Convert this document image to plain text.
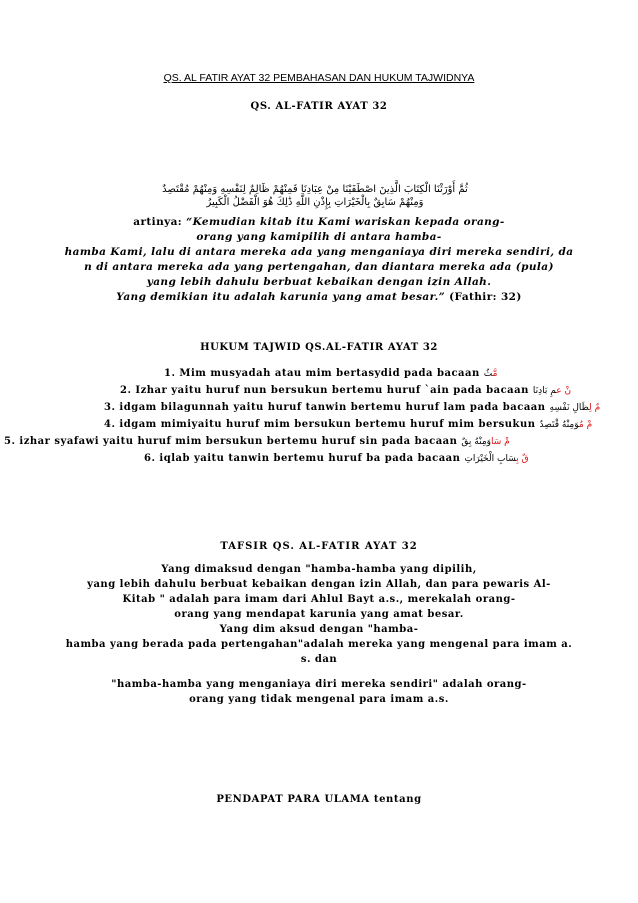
QS. AL FATIR AYAT 32 PEMBAHASAN DAN HUKUM TAJWIDNYA
QS. AL-FATIR AYAT 32
ثُمَّ أَوْرَثْنَا الْكِتَابَ الَّذِينَ اصْطَفَيْنَا مِنْ عِبَادِنَا فَمِنْهُمْ ظَالِمٌ لِنَفْسِهِ وَمِنْهُمْ مُقْتَصِدٌ
وَمِنْهُمْ سَابِقٌ بِالْخَيْرَاتِ بِإِذْنِ اللَّهِ ذَٰلِكَ هُوَ الْفَضْلُ الْكَبِيرُ
artinya: “Kemudian kitab itu Kami wariskan kepada orang-
orang yang kamipilih di antara hamba-
hamba Kami, lalu di antara mereka ada yang menganiaya diri mereka sendiri, da
n di antara mereka ada yang pertengahan, dan diantara mereka ada (pula)
yang lebih dahulu berbuat kebaikan dengan izin Allah.
Yang demikian itu adalah karunia yang amat besar.” (Fathir: 32)
HUKUM TAJWID QS.AL-FATIR AYAT 32
1. Mim musyadah atau mim bertasydid pada bacaan مَّثُ
2. Izhar yaitu huruf nun bersukun bertemu huruf `ain pada bacaan	نْ عمِ بَادِنَا
3. idgam bilagunnah yaitu huruf tanwin bertemu huruf lam pada bacaan	مٌ لِظَالِ نَفْسِهِ
4. idgam mimiyaitu huruf mim bersukun bertemu huruf mim bersukun	مْ مُوَمِنْهُ قْتَصِدٌ
5. izhar syafawi yaitu huruf mim bersukun bertemu huruf sin pada bacaan	مْ سَاوَمِنْهُ بِقٌ
6. iqlab yaitu tanwin bertemu huruf ba pada bacaan	قٌ بِسَابِ الْخَيْرَاتِ
TAFSIR QS. AL-FATIR AYAT 32
Yang dimaksud dengan "hamba-hamba yang dipilih,
yang lebih dahulu berbuat kebaikan dengan izin Allah, dan para pewaris Al-
Kitab " adalah para imam dari Ahlul Bayt a.s., merekalah orang-
orang yang mendapat karunia yang amat besar.
Yang dim aksud dengan "hamba-
hamba yang berada pada pertengahan"adalah mereka yang mengenal para imam a.
s. dan
"hamba-hamba yang menganiaya diri mereka sendiri" adalah orang-
orang yang tidak mengenal para imam a.s.
PENDAPAT PARA ULAMA tentang
